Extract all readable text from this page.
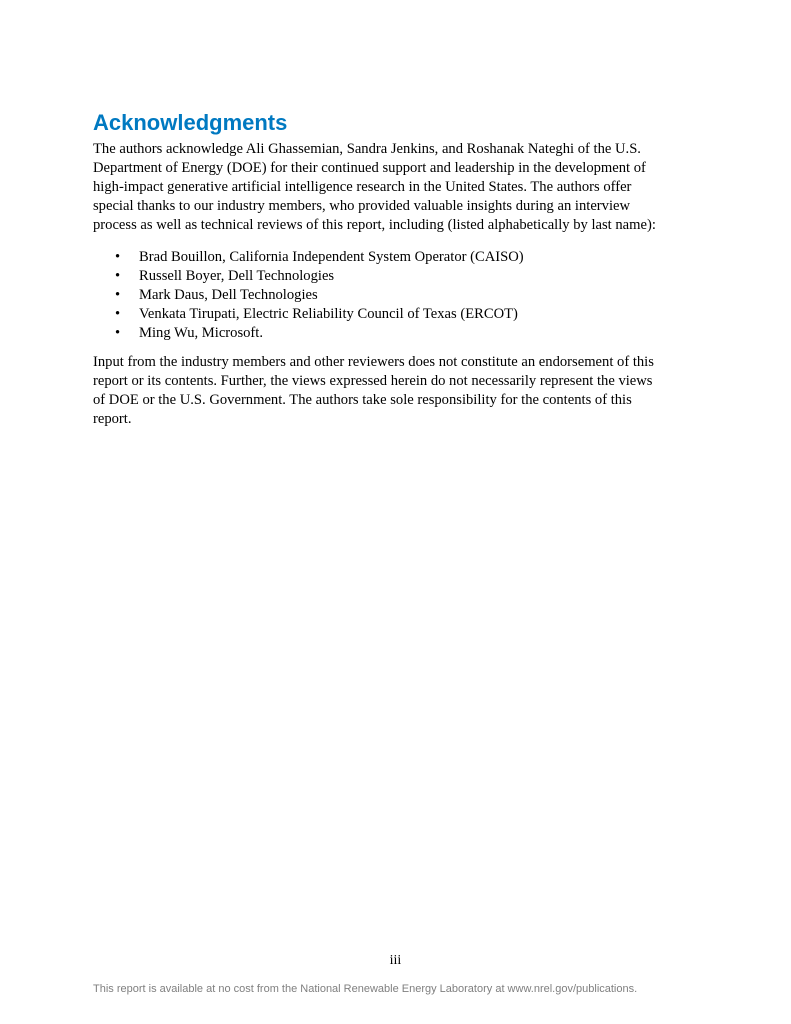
Acknowledgments

The authors acknowledge Ali Ghassemian, Sandra Jenkins, and Roshanak Nateghi of the U.S.
Department of Energy (DOE) for their continued support and leadership in the development of
high-impact generative artificial intelligence research in the United States. The authors offer
special thanks to our industry members, who provided valuable insights during an interview
process as well as technical reviews of this report, including (listed alphabetically by last name):

• Brad Bouillon, California Independent System Operator (CAISO)
• Russell Boyer, Dell Technologies
• Mark Daus, Dell Technologies
• Venkata Tirupati, Electric Reliability Council of Texas (ERCOT)
• Ming Wu, Microsoft.

Input from the industry members and other reviewers does not constitute an endorsement of this
report or its contents. Further, the views expressed herein do not necessarily represent the views
of DOE or the U.S. Government. The authors take sole responsibility for the contents of this
report.

iii
This report is available at no cost from the National Renewable Energy Laboratory at www.nrel.gov/publications.
